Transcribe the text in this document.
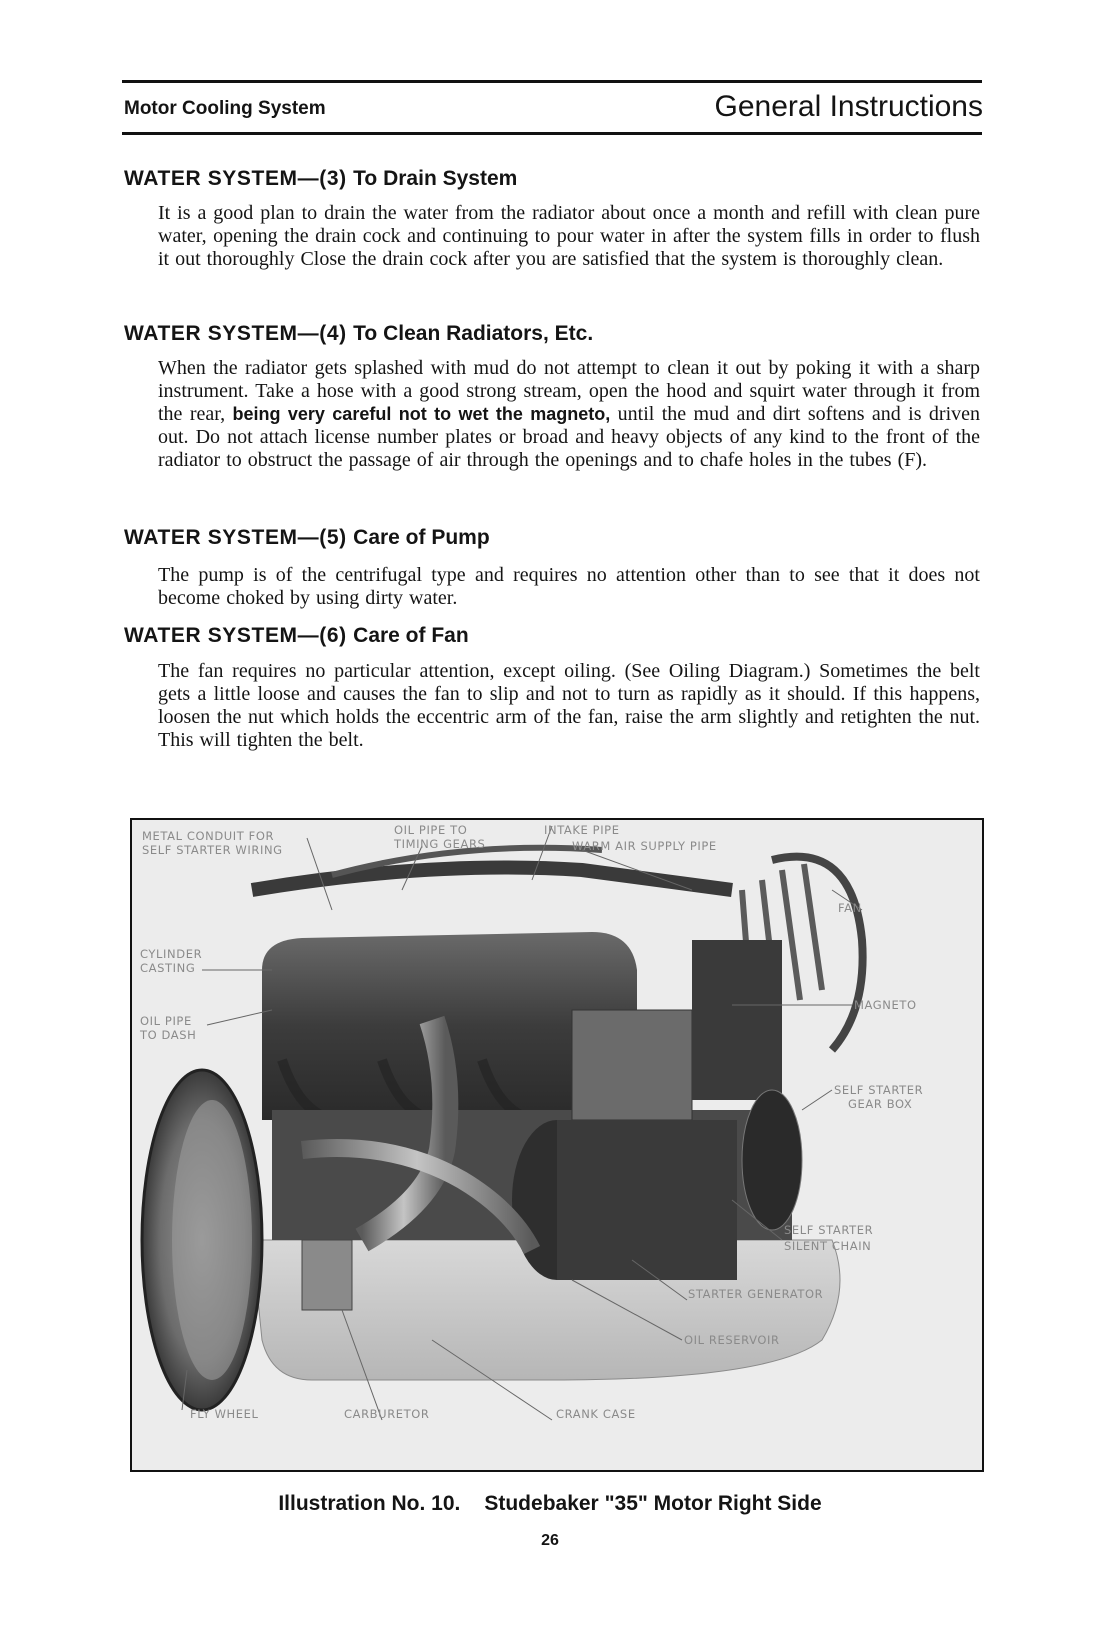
Motor Cooling System	General Instructions
WATER SYSTEM—(3) To Drain System
It is a good plan to drain the water from the radiator about once a month and refill with clean pure water, opening the drain cock and continuing to pour water in after the system fills in order to flush it out thoroughly Close the drain cock after you are satisfied that the system is thoroughly clean.
WATER SYSTEM—(4) To Clean Radiators, Etc.
When the radiator gets splashed with mud do not attempt to clean it out by poking it with a sharp instrument. Take a hose with a good strong stream, open the hood and squirt water through it from the rear, being very careful not to wet the magneto, until the mud and dirt softens and is driven out. Do not attach license number plates or broad and heavy objects of any kind to the front of the radiator to obstruct the passage of air through the openings and to chafe holes in the tubes (F).
WATER SYSTEM—(5) Care of Pump
The pump is of the centrifugal type and requires no attention other than to see that it does not become choked by using dirty water.
WATER SYSTEM—(6) Care of Fan
The fan requires no particular attention, except oiling. (See Oiling Diagram.) Sometimes the belt gets a little loose and causes the fan to slip and not to turn as rapidly as it should. If this happens, loosen the nut which holds the eccentric arm of the fan, raise the arm slightly and retighten the nut. This will tighten the belt.
METAL CONDUIT FOR
SELF STARTER WIRING
OIL PIPE TO
TIMING GEARS
INTAKE PIPE
WARM AIR SUPPLY PIPE
FAN
CYLINDER
CASTING
OIL PIPE
TO DASH
MAGNETO
SELF STARTER
GEAR BOX
SELF STARTER
SILENT CHAIN
STARTER GENERATOR
OIL RESERVOIR
FLY WHEEL	CARBURETOR	CRANK CASE
Illustration No. 10. Studebaker "35" Motor Right Side
26
